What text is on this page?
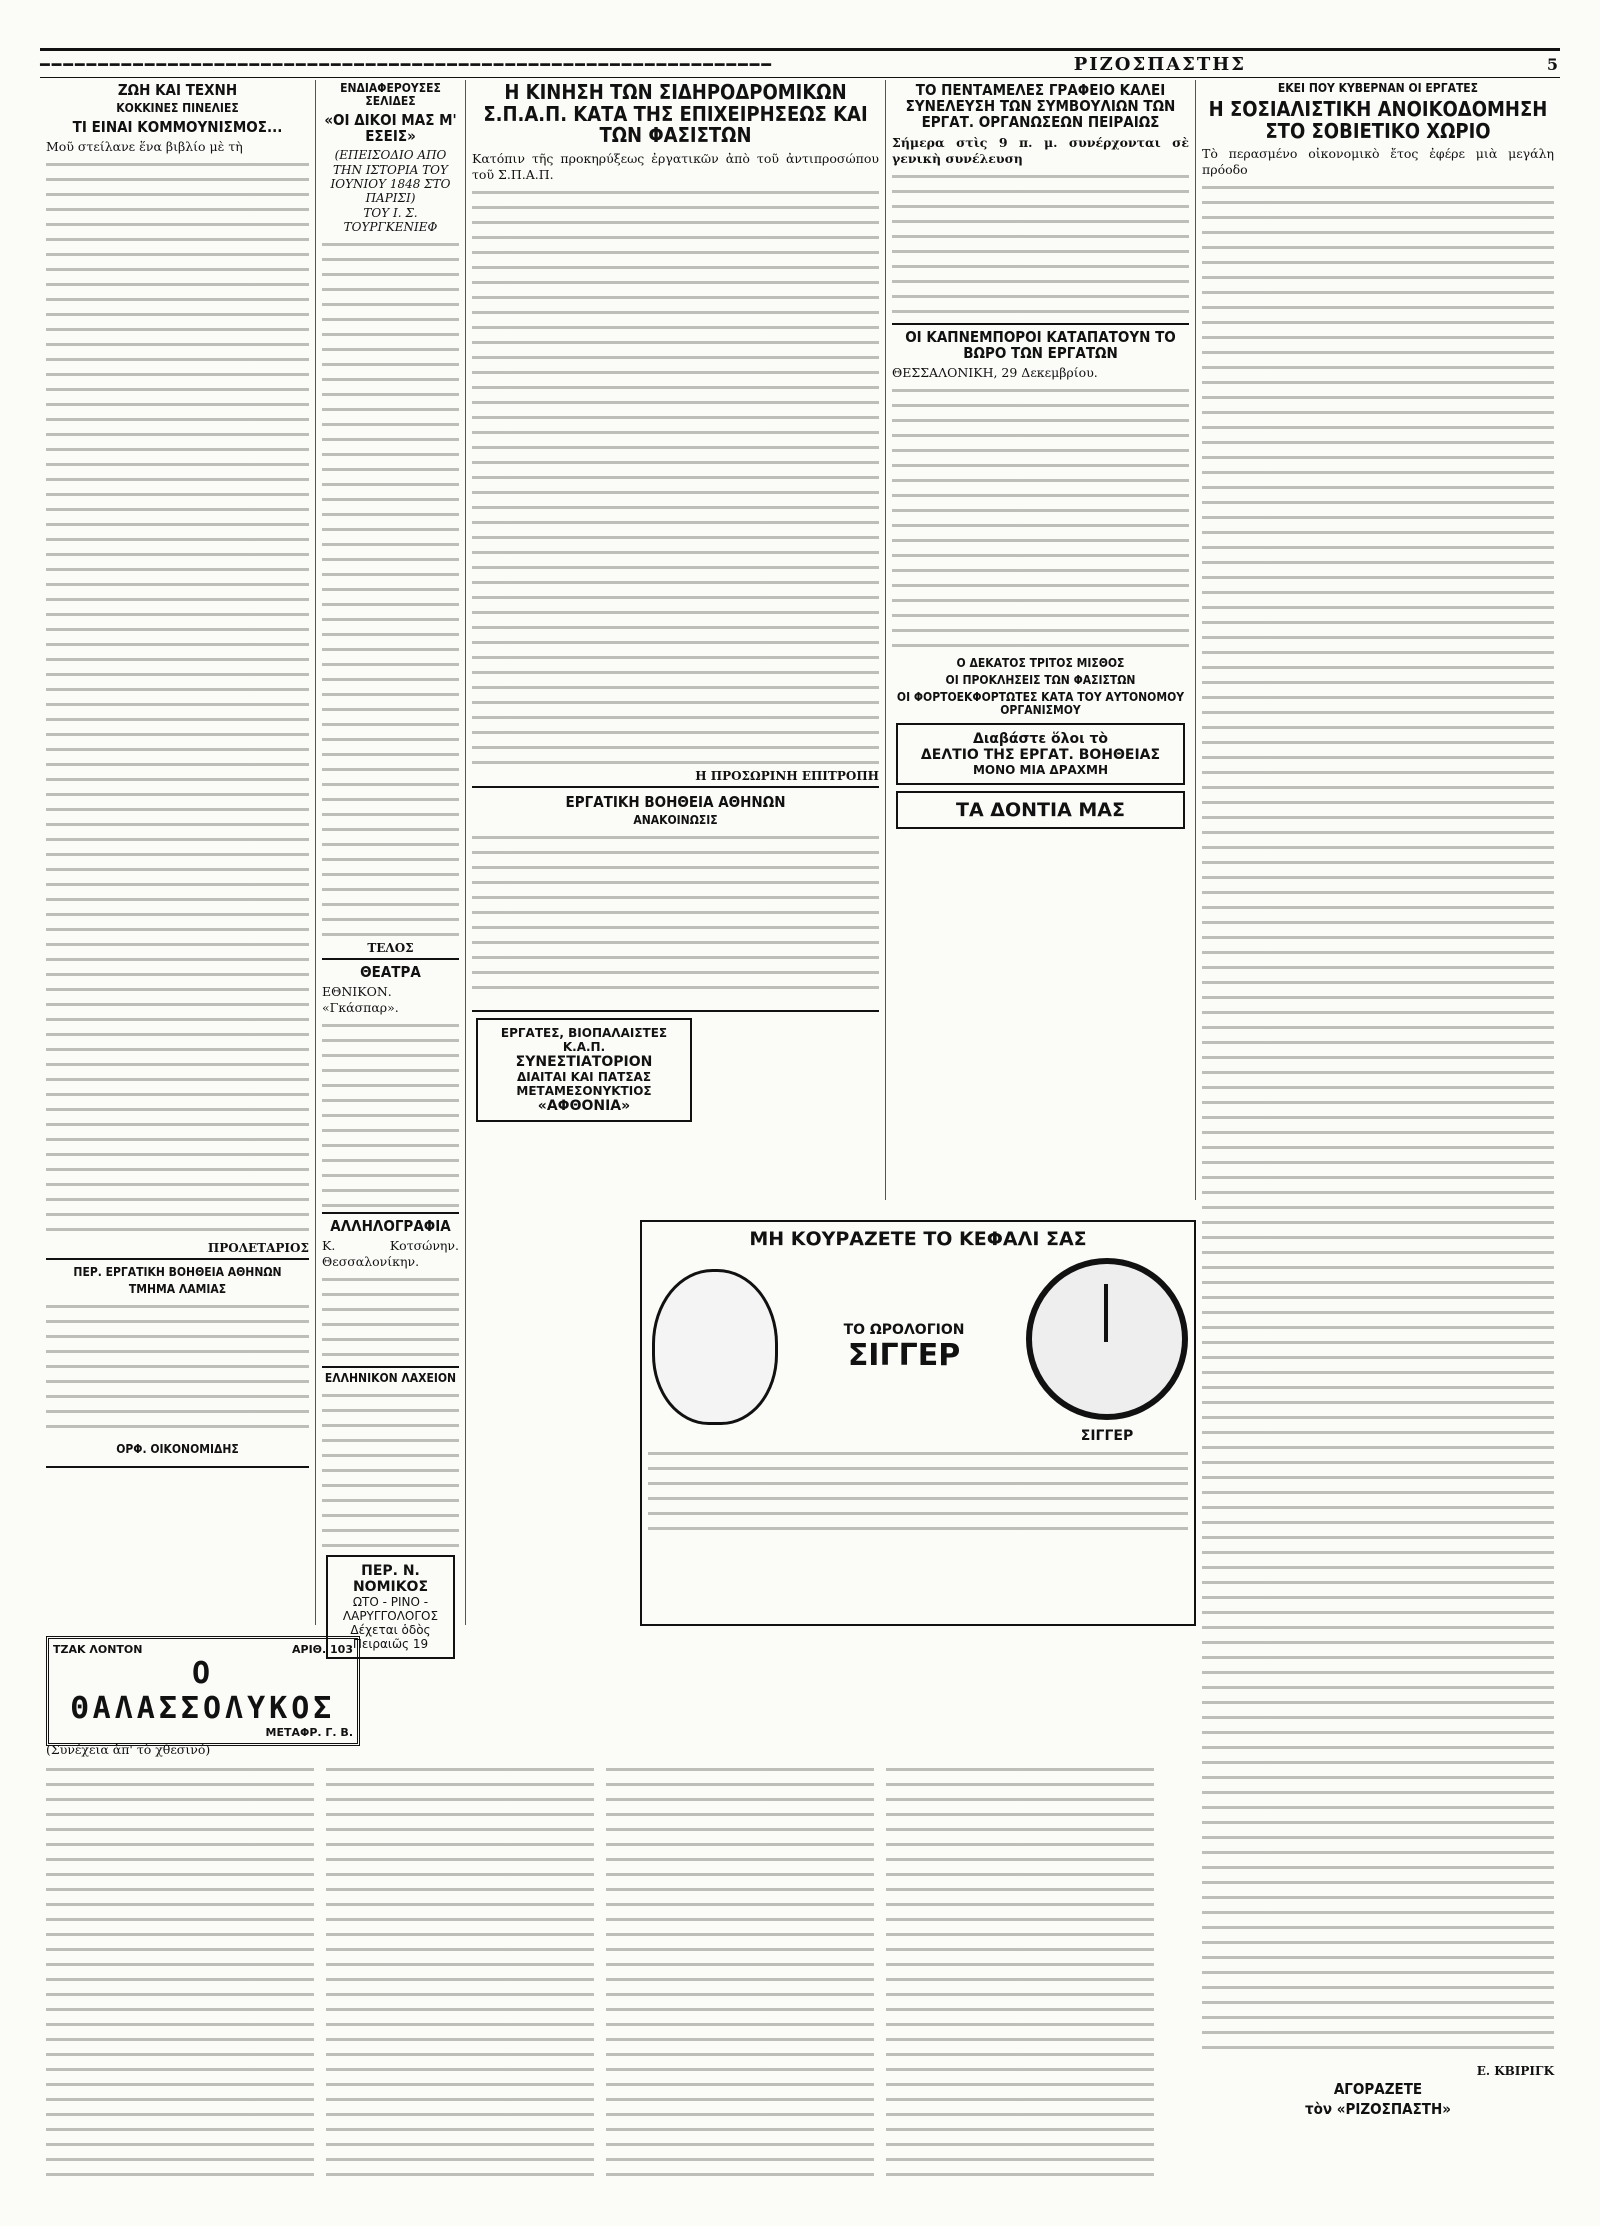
━━━━━━━━━━━━━━━━━━━━━━━━━━━━━━━━━━━━━━━━━━━━━━━━━━━━━━━━━━━━━━━	ΡΙΖΟΣΠΑΣΤΗΣ	5
ΖΩΗ ΚΑΙ ΤΕΧΝΗ
ΚΟΚΚΙΝΕΣ ΠΙΝΕΛΙΕΣ
ΤΙ ΕΙΝΑΙ ΚΟΜΜΟΥΝΙΣΜΟΣ...
Μοῦ στείλανε ἕνα βιβλίο μὲ τὴ
ΠΡΟΛΕΤΑΡΙΟΣ
ΠΕΡ. ΕΡΓΑΤΙΚΗ ΒΟΗΘΕΙΑ ΑΘΗΝΩΝ
ΤΜΗΜΑ ΛΑΜΙΑΣ
ΟΡΦ. ΟΙΚΟΝΟΜΙΔΗΣ
ΕΝΔΙΑΦΕΡΟΥΣΕΣ ΣΕΛΙΔΕΣ
«ΟΙ ΔΙΚΟΙ ΜΑΣ Μ' ΕΣΕΙΣ»
(ΕΠΕΙΣΟΔΙΟ ΑΠΟ ΤΗΝ ΙΣΤΟΡΙΑ ΤΟΥ ΙΟΥΝΙΟΥ 1848 ΣΤΟ ΠΑΡΙΣΙ)
ΤΟΥ Ι. Σ. ΤΟΥΡΓΚΕΝΙΕΦ
ΤΕΛΟΣ
ΘΕΑΤΡΑ
ΕΘΝΙΚΟΝ. «Γκάσπαρ».
ΑΛΛΗΛΟΓΡΑΦΙΑ
Κ. Κοτσώνην. Θεσσαλονίκην.
ΕΛΛΗΝΙΚΟΝ ΛΑΧΕΙΟΝ
ΠΕΡ. Ν. ΝΟΜΙΚΟΣ
ΩΤΟ - ΡΙΝΟ - ΛΑΡΥΓΓΟΛΟΓΟΣ
Δέχεται ὁδὸς Πειραιῶς 19
Η ΚΙΝΗΣΗ ΤΩΝ ΣΙΔΗΡΟΔΡΟΜΙΚΩΝ Σ.Π.Α.Π. ΚΑΤΑ ΤΗΣ ΕΠΙΧΕΙΡΗΣΕΩΣ ΚΑΙ ΤΩΝ ΦΑΣΙΣΤΩΝ
Κατόπιν τῆς προκηρύξεως ἐργατικῶν ἀπὸ τοῦ ἀντιπροσώπου τοῦ Σ.Π.Α.Π.
Η ΠΡΟΣΩΡΙΝΗ ΕΠΙΤΡΟΠΗ
ΕΡΓΑΤΙΚΗ ΒΟΗΘΕΙΑ ΑΘΗΝΩΝ
ΑΝΑΚΟΙΝΩΣΙΣ
ΕΡΓΑΤΕΣ, ΒΙΟΠΑΛΑΙΣΤΕΣ Κ.Α.Π.
ΣΥΝΕΣΤΙΑΤΟΡΙΟΝ
ΔΙΑΙΤΑΙ ΚΑΙ ΠΑΤΣΑΣ
ΜΕΤΑΜΕΣΟΝΥΚΤΙΟΣ
«ΑΦΘΟΝΙΑ»
ΤΟ ΠΕΝΤΑΜΕΛΕΣ ΓΡΑΦΕΙΟ ΚΑΛΕΙ ΣΥΝΕΛΕΥΣΗ ΤΩΝ ΣΥΜΒΟΥΛΙΩΝ ΤΩΝ ΕΡΓΑΤ. ΟΡΓΑΝΩΣΕΩΝ ΠΕΙΡΑΙΩΣ
Σήμερα στὶς 9 π. μ. συνέρχονται σὲ γενικὴ συνέλευση
ΟΙ ΚΑΠΝΕΜΠΟΡΟΙ ΚΑΤΑΠΑΤΟΥΝ ΤΟ ΒΩΡΟ ΤΩΝ ΕΡΓΑΤΩΝ
ΘΕΣΣΑΛΟΝΙΚΗ, 29 Δεκεμβρίου.
Ο ΔΕΚΑΤΟΣ ΤΡΙΤΟΣ ΜΙΣΘΟΣ
ΟΙ ΠΡΟΚΛΗΣΕΙΣ ΤΩΝ ΦΑΣΙΣΤΩΝ
ΟΙ ΦΟΡΤΟΕΚΦΟΡΤΩΤΕΣ ΚΑΤΑ ΤΟΥ ΑΥΤΟΝΟΜΟΥ ΟΡΓΑΝΙΣΜΟΥ
Διαβάστε ὅλοι τὸ
ΔΕΛΤΙΟ ΤΗΣ ΕΡΓΑΤ. ΒΟΗΘΕΙΑΣ
ΜΟΝΟ ΜΙΑ ΔΡΑΧΜΗ
ΤΑ ΔΟΝΤΙΑ ΜΑΣ
ΕΚΕΙ ΠΟΥ ΚΥΒΕΡΝΑΝ ΟΙ ΕΡΓΑΤΕΣ
Η ΣΟΣΙΑΛΙΣΤΙΚΗ ΑΝΟΙΚΟΔΟΜΗΣΗ ΣΤΟ ΣΟΒΙΕΤΙΚΟ ΧΩΡΙΟ
Τὸ περασμένο οἰκονομικὸ ἔτος ἐφέρε μιὰ μεγάλη πρόοδο
Ε. ΚΒΙΡΙΓΚ
ΑΓΟΡΑΖΕΤΕ
τὸν «ΡΙΖΟΣΠΑΣΤΗ»
ΜΗ ΚΟΥΡΑΖΕΤΕ ΤΟ ΚΕΦΑΛΙ ΣΑΣ
ΤΟ ΩΡΟΛΟΓΙΟΝ
ΣΙΓΓΕΡ
ΣΙΓΓΕΡ
ΤΖΑΚ ΛΟΝΤΟΝ	ΑΡΙΘ. 103
Ο ΘΑΛΑΣΣΟΛΥΚΟΣ
ΜΕΤΑΦΡ. Γ. Β.
(Συνέχεια ἀπ' τὸ χθεσινό)
